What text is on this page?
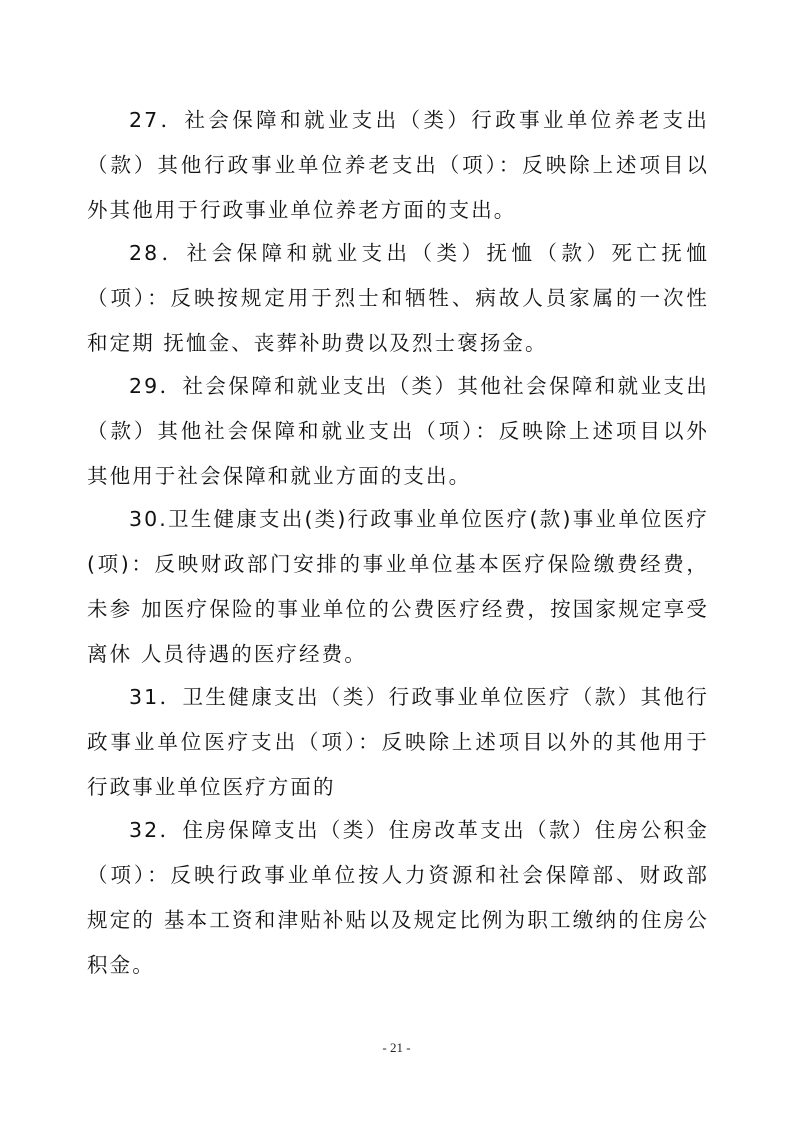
27．社会保障和就业支出（类）行政事业单位养老支出（款）其他行政事业单位养老支出（项）：反映除上述项目以外其他用于行政事业单位养老方面的支出。

28．社会保障和就业支出（类）抚恤（款）死亡抚恤（项）：反映按规定用于烈士和牺牲、病故人员家属的一次性和定期 抚恤金、丧葬补助费以及烈士褒扬金。

29．社会保障和就业支出（类）其他社会保障和就业支出（款）其他社会保障和就业支出（项）：反映除上述项目以外其他用于社会保障和就业方面的支出。

30.卫生健康支出(类)行政事业单位医疗(款)事业单位医疗(项)：反映财政部门安排的事业单位基本医疗保险缴费经费，未参 加医疗保险的事业单位的公费医疗经费，按国家规定享受离休 人员待遇的医疗经费。

31．卫生健康支出（类）行政事业单位医疗（款）其他行政事业单位医疗支出（项）：反映除上述项目以外的其他用于行政事业单位医疗方面的

32．住房保障支出（类）住房改革支出（款）住房公积金（项）：反映行政事业单位按人力资源和社会保障部、财政部规定的 基本工资和津贴补贴以及规定比例为职工缴纳的住房公积金。

- 21 -
